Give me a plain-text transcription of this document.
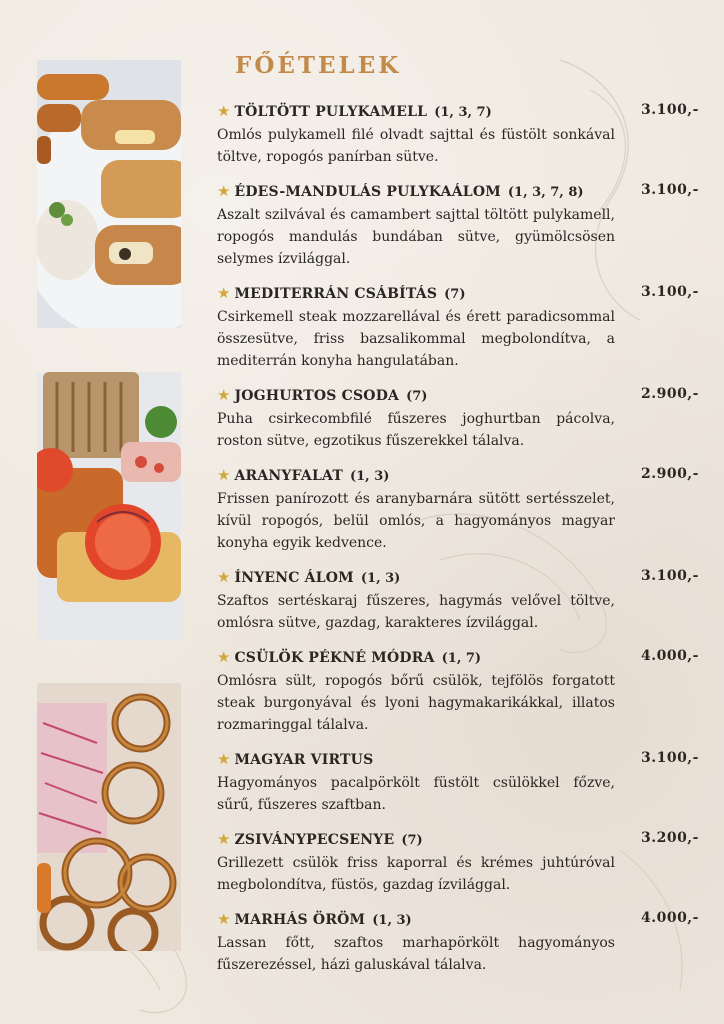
FŐÉTELEK
★ TÖLTÖTT PULYKAMELL (1, 3, 7)	3.100,-

Omlós pulykamell filé olvadt sajttal és füstölt sonkával töltve, ropogós panírban sütve.

★ ÉDES-MANDULÁS PULYKAÁLOM (1, 3, 7, 8)	3.100,-

Aszalt szilvával és camambert sajttal töltött pulykamell, ropogós mandulás bundában sütve, gyümölcsösen selymes ízvilággal.

★ MEDITERRÁN CSÁBÍTÁS (7)	3.100,-

Csirkemell steak mozzarellával és érett paradicsommal összesütve, friss bazsalikommal megbolondítva, a mediterrán konyha hangulatában.

★ JOGHURTOS CSODA (7)	2.900,-

Puha csirkecombfilé fűszeres joghurtban pácolva, roston sütve, egzotikus fűszerekkel tálalva.

★ ARANYFALAT (1, 3)	2.900,-

Frissen panírozott és aranybarnára sütött sertésszelet, kívül ropogós, belül omlós, a hagyományos magyar konyha egyik kedvence.

★ ÍNYENC ÁLOM (1, 3)	3.100,-

Szaftos sertéskaraj fűszeres, hagymás velővel töltve, omlósra sütve, gazdag, karakteres ízvilággal.

★ CSÜLÖK PÉKNÉ MÓDRA (1, 7)	4.000,-

Omlósra sült, ropogós bőrű csülök, tejfölös forgatott steak burgonyával és lyoni hagymakarikákkal, illatos rozmaringgal tálalva.

★ MAGYAR VIRTUS	3.100,-

Hagyományos pacalpörkölt füstölt csülökkel főzve, sűrű, fűszeres szaftban.

★ ZSIVÁNYPECSENYE (7)	3.200,-

Grillezett csülök friss kaporral és krémes juhtúróval megbolondítva, füstös, gazdag ízvilággal.

★ MARHÁS ÖRÖM (1, 3)	4.000,-

Lassan főtt, szaftos marhapörkölt hagyományos fűszerezéssel, házi galuskával tálalva.
